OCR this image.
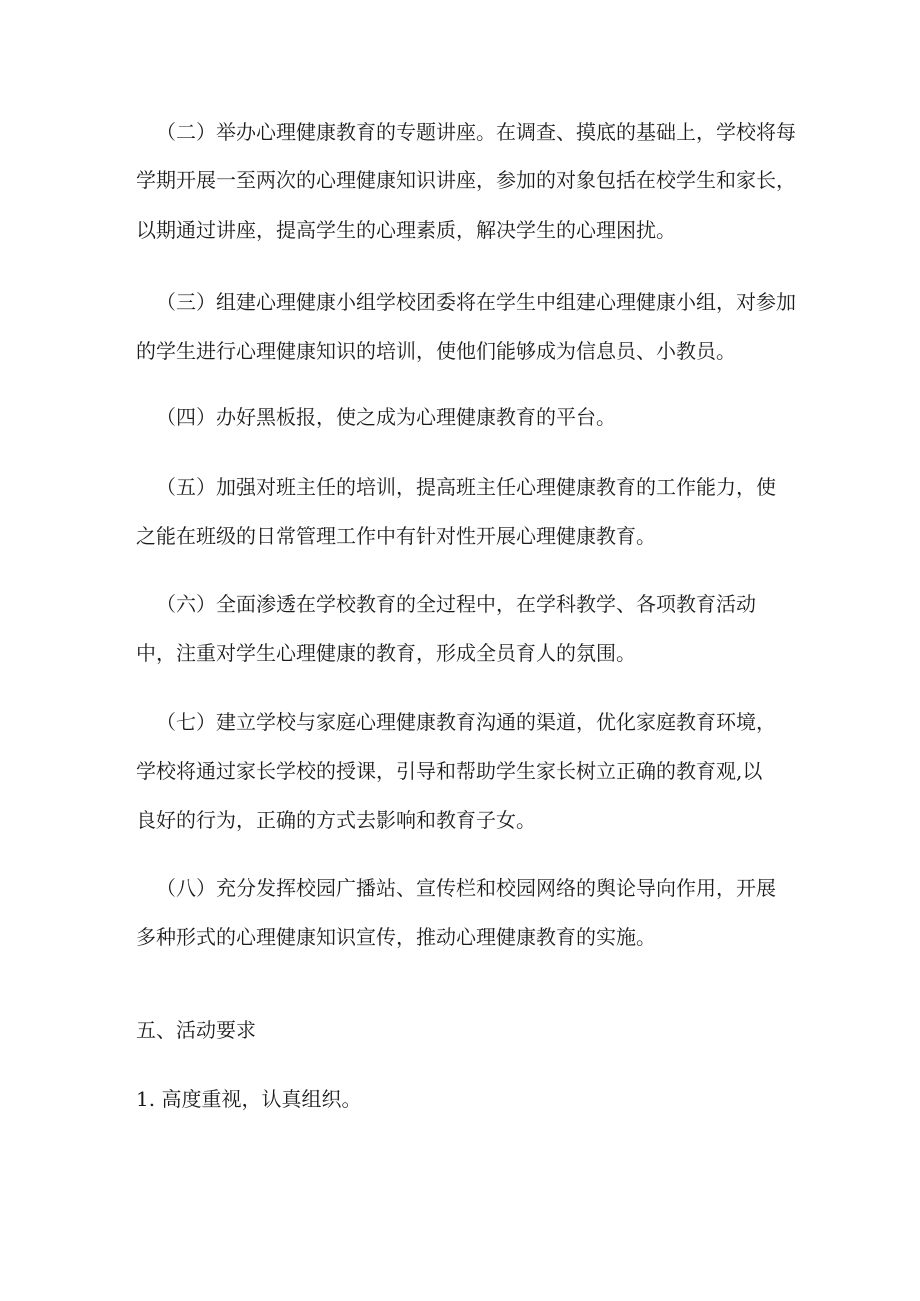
（二）举办心理健康教育的专题讲座。在调查、摸底的基础上，学校将每
学期开展一至两次的心理健康知识讲座，参加的对象包括在校学生和家长，
以期通过讲座，提高学生的心理素质，解决学生的心理困扰。
（三）组建心理健康小组学校团委将在学生中组建心理健康小组，对参加
的学生进行心理健康知识的培训，使他们能够成为信息员、小教员。
（四）办好黑板报，使之成为心理健康教育的平台。
（五）加强对班主任的培训，提高班主任心理健康教育的工作能力，使
之能在班级的日常管理工作中有针对性开展心理健康教育。
（六）全面渗透在学校教育的全过程中，在学科教学、各项教育活动
中，注重对学生心理健康的教育，形成全员育人的氛围。
（七）建立学校与家庭心理健康教育沟通的渠道，优化家庭教育环境，
学校将通过家长学校的授课，引导和帮助学生家长树立正确的教育观,以
良好的行为，正确的方式去影响和教育子女。
（八）充分发挥校园广播站、宣传栏和校园网络的舆论导向作用，开展
多种形式的心理健康知识宣传，推动心理健康教育的实施。
五、活动要求
1. 高度重视，认真组织。
